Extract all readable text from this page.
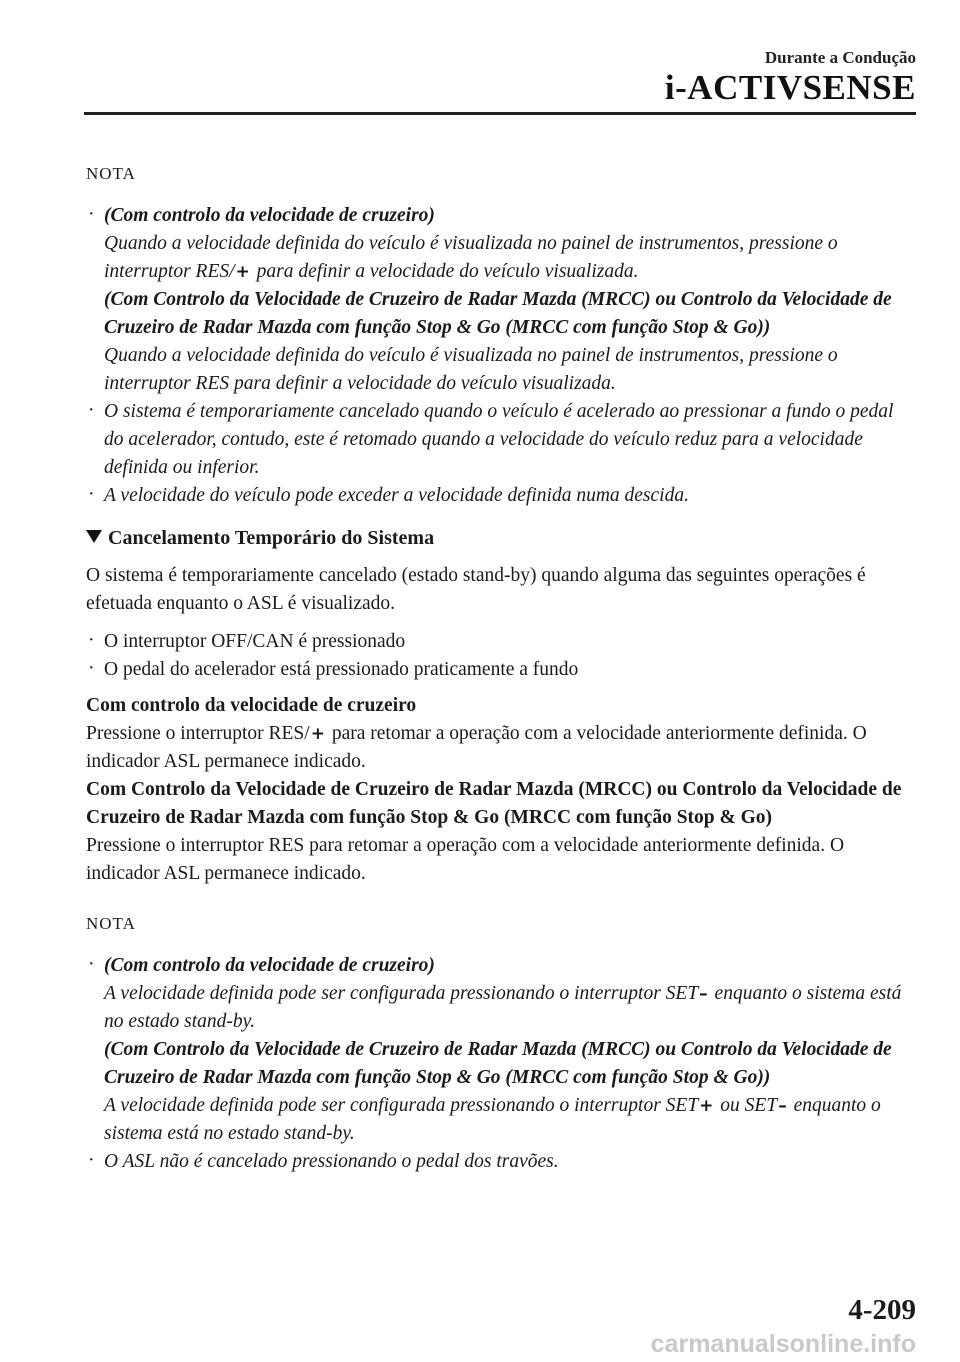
Durante a Condução
i-ACTIVSENSE
NOTA
· (Com controlo da velocidade de cruzeiro)
Quando a velocidade definida do veículo é visualizada no painel de instrumentos, pressione o interruptor RES/+ para definir a velocidade do veículo visualizada.
(Com Controlo da Velocidade de Cruzeiro de Radar Mazda (MRCC) ou Controlo da Velocidade de Cruzeiro de Radar Mazda com função Stop & Go (MRCC com função Stop & Go))
Quando a velocidade definida do veículo é visualizada no painel de instrumentos, pressione o interruptor RES para definir a velocidade do veículo visualizada.
· O sistema é temporariamente cancelado quando o veículo é acelerado ao pressionar a fundo o pedal do acelerador, contudo, este é retomado quando a velocidade do veículo reduz para a velocidade definida ou inferior.
· A velocidade do veículo pode exceder a velocidade definida numa descida.
Cancelamento Temporário do Sistema

O sistema é temporariamente cancelado (estado stand-by) quando alguma das seguintes operações é efetuada enquanto o ASL é visualizado.

· O interruptor OFF/CAN é pressionado
· O pedal do acelerador está pressionado praticamente a fundo
Com controlo da velocidade de cruzeiro

Pressione o interruptor RES/+ para retomar a operação com a velocidade anteriormente definida. O indicador ASL permanece indicado.

Com Controlo da Velocidade de Cruzeiro de Radar Mazda (MRCC) ou Controlo da Velocidade de Cruzeiro de Radar Mazda com função Stop & Go (MRCC com função Stop & Go)

Pressione o interruptor RES para retomar a operação com a velocidade anteriormente definida. O indicador ASL permanece indicado.

NOTA
· (Com controlo da velocidade de cruzeiro)
A velocidade definida pode ser configurada pressionando o interruptor SET– enquanto o sistema está no estado stand-by.
(Com Controlo da Velocidade de Cruzeiro de Radar Mazda (MRCC) ou Controlo da Velocidade de Cruzeiro de Radar Mazda com função Stop & Go (MRCC com função Stop & Go))
A velocidade definida pode ser configurada pressionando o interruptor SET+ ou SET– enquanto o sistema está no estado stand-by.
· O ASL não é cancelado pressionando o pedal dos travões.
4-209
carmanualsonline.info
